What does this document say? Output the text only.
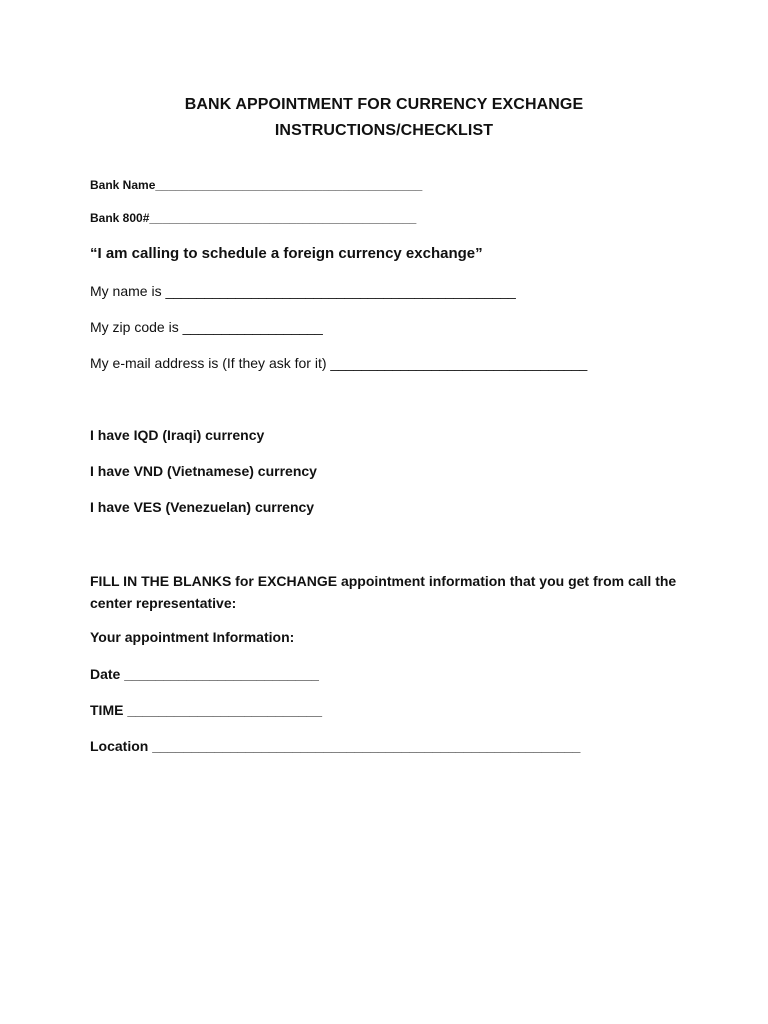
BANK APPOINTMENT FOR CURRENCY EXCHANGE
INSTRUCTIONS/CHECKLIST
Bank Name________________________________________
Bank 800#________________________________________
“I am calling to schedule a foreign currency exchange”
My name is _____________________________________________
My zip code is __________________
My e-mail address is (If they ask for it) _________________________________
I have IQD (Iraqi) currency
I have VND (Vietnamese) currency
I have VES (Venezuelan) currency
FILL IN THE BLANKS for EXCHANGE appointment information that you get from call the center representative:
Your appointment Information:
Date _________________________
TIME _________________________
Location _______________________________________________________
